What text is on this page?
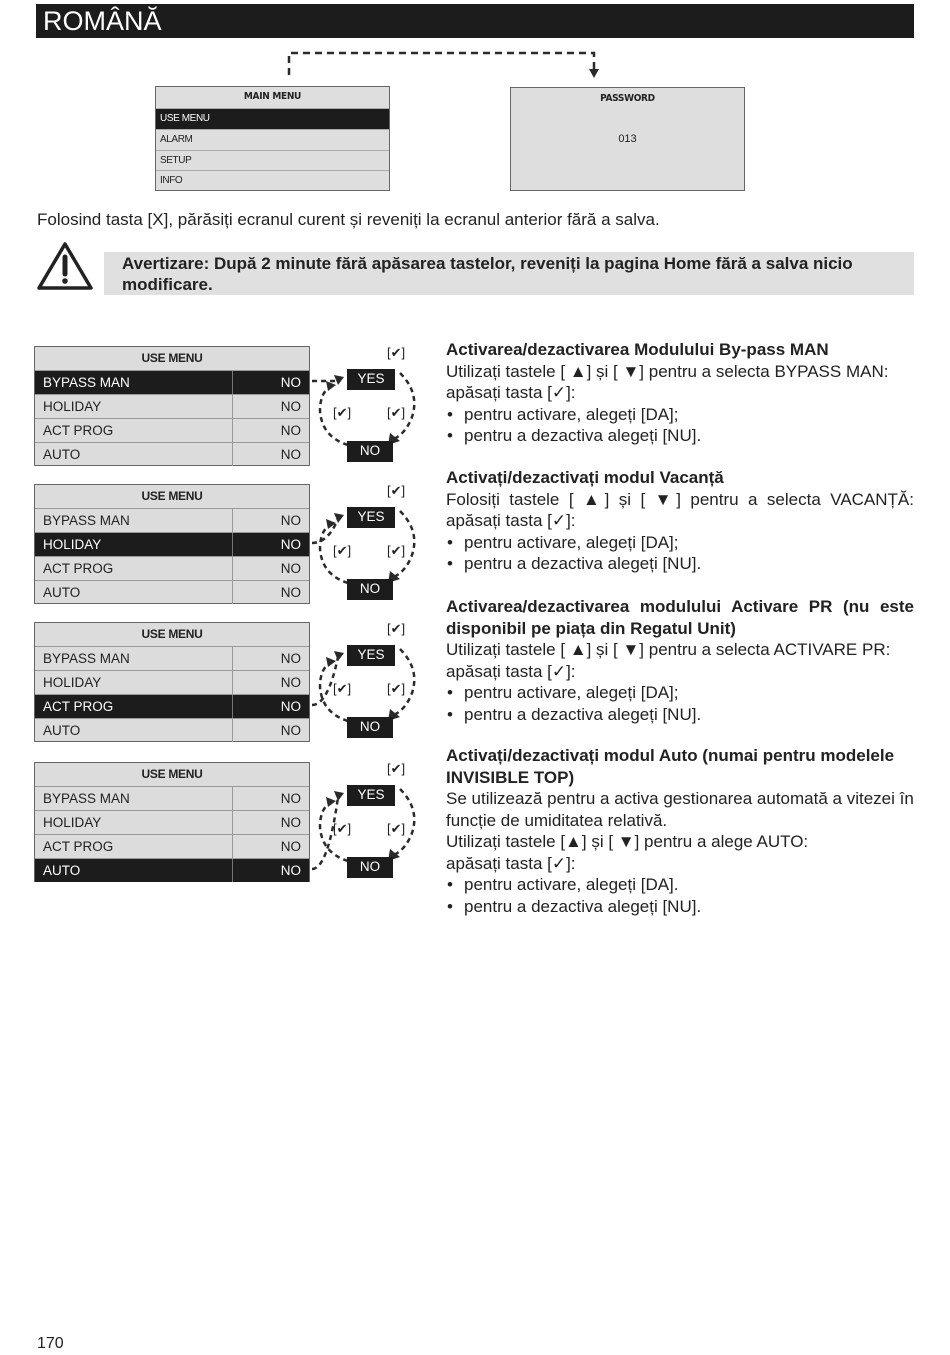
ROMÂNĂ
MAIN MENU
USE MENU
ALARM
SETUP
INFO
PASSWORD
013
Folosind tasta [X], părăsiți ecranul curent și reveniți la ecranul anterior fără a salva.
Avertizare: După 2 minute fără apăsarea tastelor, reveniți la pagina Home fără a salva nicio modificare.
USE MENU
BYPASS MAN	NO
HOLIDAY	NO
ACT PROG	NO
AUTO	NO
YES
NO
[✔]
[✔]	[✔]
USE MENU
BYPASS MAN	NO
HOLIDAY	NO
ACT PROG	NO
AUTO	NO
YES
NO
[✔]
[✔]	[✔]
USE MENU
BYPASS MAN	NO
HOLIDAY	NO
ACT PROG	NO
AUTO	NO
YES
NO
[✔]
[✔]	[✔]
USE MENU
BYPASS MAN	NO
HOLIDAY	NO
ACT PROG	NO
AUTO	NO
YES
NO
[✔]
[✔]	[✔]
Activarea/dezactivarea Modulului By-pass MAN
Utilizați tastele [ ▲] și [ ▼] pentru a selecta BYPASS MAN:
apăsați tasta [✓]:
• pentru activare, alegeți [DA];
• pentru a dezactiva alegeți [NU].
Activați/dezactivați modul Vacanță
Folosiți tastele [ ▲] și [ ▼] pentru a selecta VACANȚĂ:
apăsați tasta [✓]:
• pentru activare, alegeți [DA];
• pentru a dezactiva alegeți [NU].
Activarea/dezactivarea modulului Activare PR (nu este disponibil pe piața din Regatul Unit)
Utilizați tastele [ ▲] și [ ▼] pentru a selecta ACTIVARE PR:
apăsați tasta [✓]:
• pentru activare, alegeți [DA];
• pentru a dezactiva alegeți [NU].
Activați/dezactivați modul Auto (numai pentru modelele INVISIBLE TOP)
Se utilizează pentru a activa gestionarea automată a vitezei în funcție de umiditatea relativă.
Utilizați tastele [▲] și [ ▼] pentru a alege AUTO:
apăsați tasta [✓]:
• pentru activare, alegeți [DA].
• pentru a dezactiva alegeți [NU].
170
